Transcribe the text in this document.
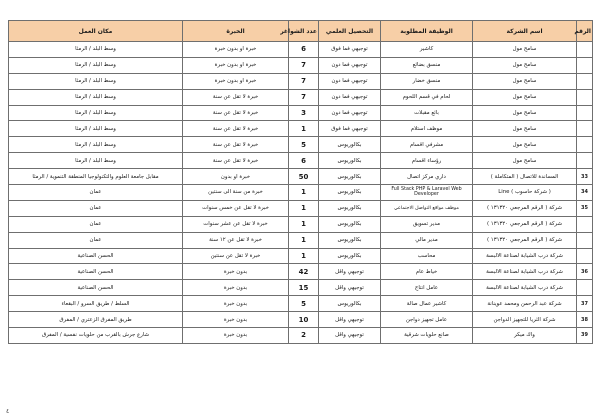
الرقم	اسم الشركة	الوظيفة المطلوبة	التحصيل العلمي	عدد الشواغر	الخبرة	مكان العمل
	سامح مول	كاشير	توجيهي فما فوق	6	خبرة او بدون خبرة	وسط البلد / الرمثا
	سامح مول	منسق بضائع	توجيهي فما دون	7	خبرة او بدون خبرة	وسط البلد / الرمثا
	سامح مول	منسق خضار	توجيهي فما دون	7	خبرة او بدون خبرة	وسط البلد / الرمثا
	سامح مول	لحام في قسم اللحوم	توجيهي فما دون	7	خبرة لا تقل عن سنة	وسط البلد / الرمثا
	سامح مول	بائع مقبلات	توجيهي فما دون	3	خبرة لا تقل عن سنة	وسط البلد / الرمثا
	سامح مول	موظف استلام	توجيهي فما فوق	1	خبرة لا تقل عن سنة	وسط البلد / الرمثا
	سامح مول	مشرفي اقسام	بكالوريوس	5	خبرة لا تقل عن سنة	وسط البلد / الرمثا
	سامح مول	رؤساء اقسام	بكالوريوس	6	خبرة لا تقل عن سنة	وسط البلد / الرمثا
33	المساندة للاتصال ( المتكاملة )	داري مركز اتصال	بكالوريوس	50	خبرة او بدون	مقابل جامعة العلوم والتكنولوجيا المنطقة التنموية / الرمثا
34	( شركة حاسوب ) Line	Full Stack PHP & Laravel Web Developer	بكالوريوس	1	خبرة من سنة الى سنتين	عمان
35	شركة ( الرقم المرجعي ١٣١٣٢٠ )	موظف مواقع التواصل الاجتماعي	بكالوريوس	1	خبرة لا تقل عن خمس سنوات	عمان
	شركة ( الرقم المرجعي ١٣١٣٢٠ )	مدير تسويق	بكالوريوس	1	خبرة لا تقل عن عشر سنوات	عمان
	شركة ( الرقم المرجعي ١٣١٣٢٠ )	مدير مالي	بكالوريوس	1	خبرة لا تقل عن ١٢ سنة	عمان
	شركة درب الشيابة لصناعة الالبسة	محاسب	بكالوريوس	1	خبرة لا تقل عن سنتين	الحسن الصناعية
36	شركة درب الشيابة لصناعة الالبسة	خياط عام	توجيهي واقل	42	بدون خبرة	الحسن الصناعية
	شركة درب الشيابة لصناعة الالبسة	عامل انتاج	توجيهي واقل	15	بدون خبرة	الحسن الصناعية
37	شركة عبد الرحمن ومحمد عوينانة	كاشير عمال صالة	بكالوريوس	5	بدون خبرة	السلط / طريق السرو / البقعاء
38	شركة الثريا للتجهيز الدواجن	عامل تجهيز دواجن	توجيهي واقل	10	بدون خبرة	طريق المفرق الزعتري / المفرق
39	واك ميكر	صانع حلويات شرقية	توجيهي واقل	2	بدون خبرة	شارع جرش بالقرب من حلويات نفسية / المفرق
٤
